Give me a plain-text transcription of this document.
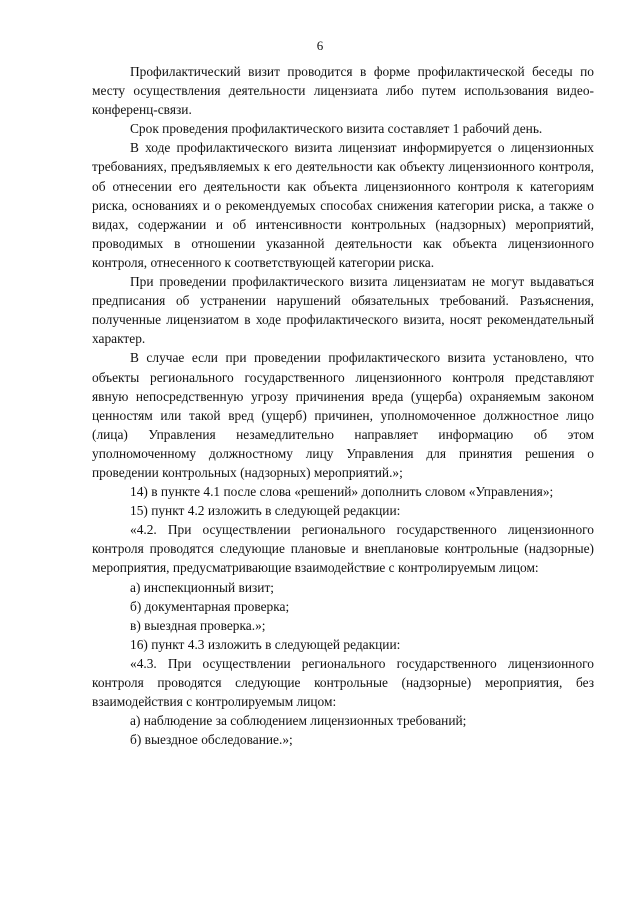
6

Профилактический визит проводится в форме профилактической беседы по месту осуществления деятельности лицензиата либо путем использования видео-конференц-связи.

Срок проведения профилактического визита составляет 1 рабочий день.

В ходе профилактического визита лицензиат информируется о лицензионных требованиях, предъявляемых к его деятельности как объекту лицензионного контроля, об отнесении его деятельности как объекта лицензионного контроля к категориям риска, основаниях и о рекомендуемых способах снижения категории риска, а также о видах, содержании и об интенсивности контрольных (надзорных) мероприятий, проводимых в отношении указанной деятельности как объекта лицензионного контроля, отнесенного к соответствующей категории риска.

При проведении профилактического визита лицензиатам не могут выдаваться предписания об устранении нарушений обязательных требований. Разъяснения, полученные лицензиатом в ходе профилактического визита, носят рекомендательный характер.

В случае если при проведении профилактического визита установлено, что объекты регионального государственного лицензионного контроля представляют явную непосредственную угрозу причинения вреда (ущерба) охраняемым законом ценностям или такой вред (ущерб) причинен, уполномоченное должностное лицо (лица) Управления незамедлительно направляет информацию об этом уполномоченному должностному лицу Управления для принятия решения о проведении контрольных (надзорных) мероприятий.»;

14) в пункте 4.1 после слова «решений» дополнить словом «Управления»;

15) пункт 4.2 изложить в следующей редакции:

«4.2. При осуществлении регионального государственного лицензионного контроля проводятся следующие плановые и внеплановые контрольные (надзорные) мероприятия, предусматривающие взаимодействие с контролируемым лицом:

а) инспекционный визит;

б) документарная проверка;

в) выездная проверка.»;

16) пункт 4.3 изложить в следующей редакции:

«4.3. При осуществлении регионального государственного лицензионного контроля проводятся следующие контрольные (надзорные) мероприятия, без взаимодействия с контролируемым лицом:

а) наблюдение за соблюдением лицензионных требований;

б) выездное обследование.»;
